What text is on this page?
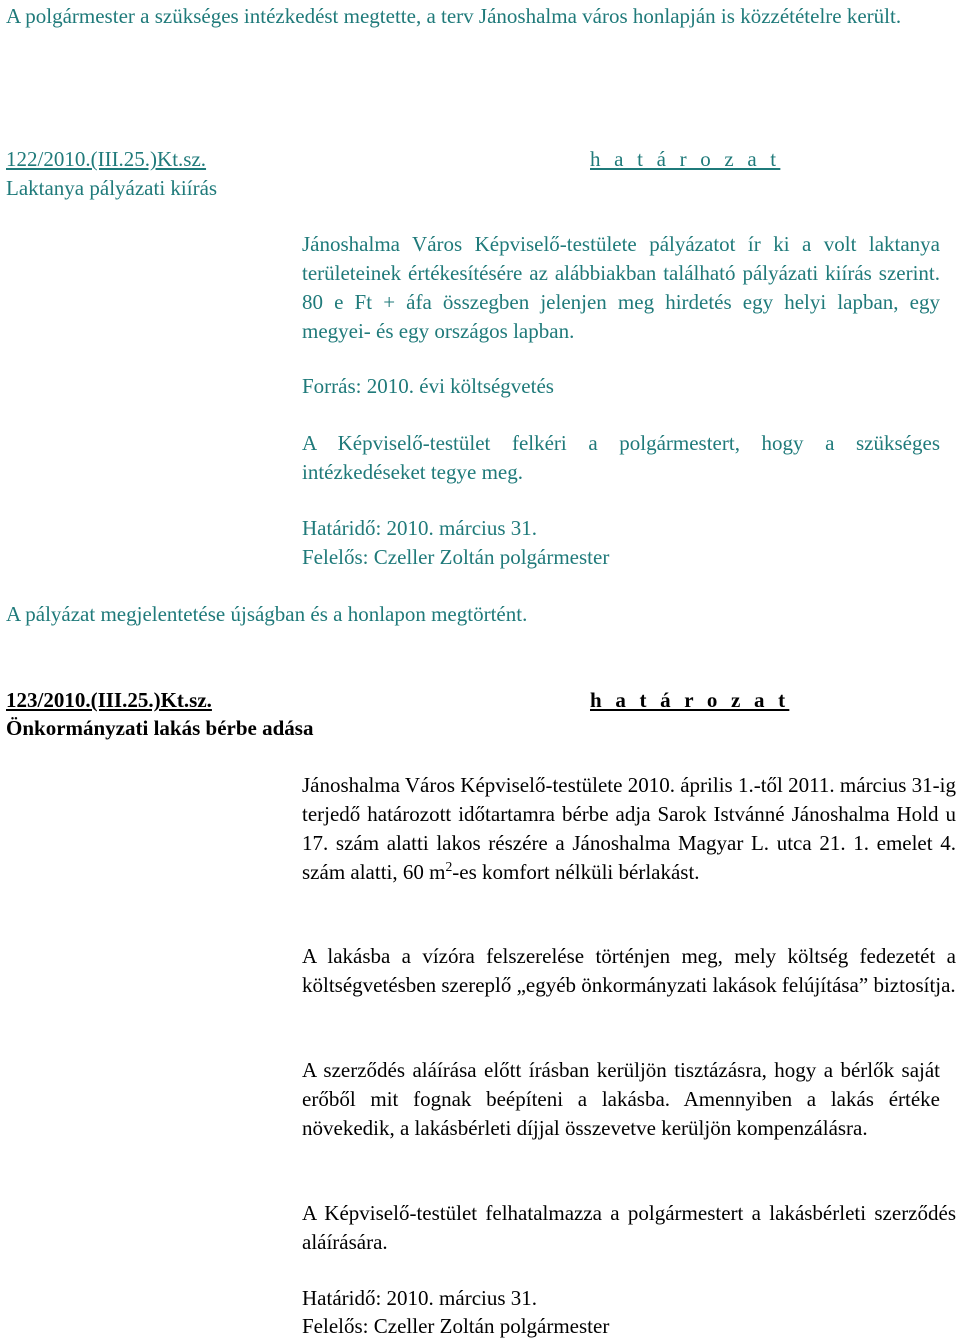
A polgármester a szükséges intézkedést megtette, a terv Jánoshalma város honlapján is közzétételre került.

122/2010.(III.25.)Kt.sz.
Laktanya pályázati kiírás
h a t á r o z a t

Jánoshalma Város Képviselő-testülete pályázatot ír ki a volt laktanya területeinek értékesítésére az alábbiakban található pályázati kiírás szerint. 80 e Ft + áfa összegben jelenjen meg hirdetés egy helyi lapban, egy megyei- és egy országos lapban.

Forrás: 2010. évi költségvetés

A Képviselő-testület felkéri a polgármestert, hogy a szükséges intézkedéseket tegye meg.

Határidő: 2010. március 31.
Felelős: Czeller Zoltán polgármester
A pályázat megjelentetése újságban és a honlapon megtörtént.
123/2010.(III.25.)Kt.sz.
Önkormányzati lakás bérbe adása
h a t á r o z a t

Jánoshalma Város Képviselő-testülete 2010. április 1.-től 2011. március 31-ig terjedő határozott időtartamra bérbe adja Sarok Istvánné Jánoshalma Hold u 17. szám alatti lakos részére a Jánoshalma Magyar L. utca 21. 1. emelet 4. szám alatti, 60 $m^2-es$ komfort nélküli bérlakást.

A lakásba a vízóra felszerelése történjen meg, mely költség fedezetét a költségvetésben szereplő „egyéb önkormányzati lakások felújítása” biztosítja.

A szerződés aláírása előtt írásban kerüljön tisztázásra, hogy a bérlők saját erőből mit fognak beépíteni a lakásba. Amennyiben a lakás értéke növekedik, a lakásbérleti díjjal összevetve kerüljön kompenzálásra.

A Képviselő-testület felhatalmazza a polgármestert a lakásbérleti szerződés aláírására.

Határidő: 2010. március 31.
Felelős: Czeller Zoltán polgármester
